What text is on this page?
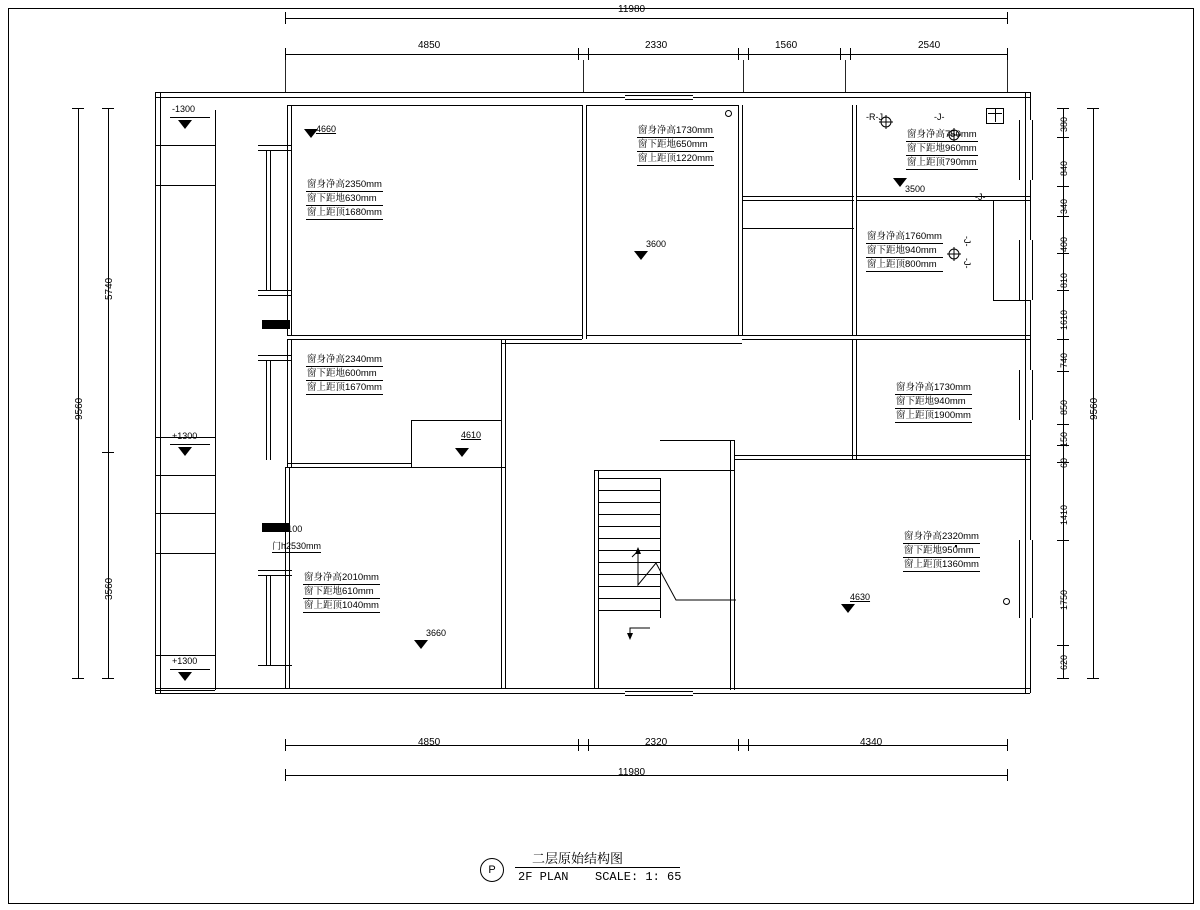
11980
4850	2330	1560	2540
4850	2320	4340
11980
9560
5740
3560
9560
380
840
340
400
810
1610
740
850
150
60
1410
1750
620
-1300
+1300
+1300
4660
3600
3500
4610
3660
4630
窗身净高2350mm
窗下距地630mm
窗上距顶1680mm
窗身净高2340mm
窗下距地600mm
窗上距顶1670mm
窗身净高2010mm
窗下距地610mm
窗上距顶1040mm
窗身净高1730mm
窗下距地650mm
窗上距顶1220mm
窗身净高750mm
窗下距地960mm
窗上距顶790mm
窗身净高1760mm
窗下距地940mm
窗上距顶800mm
窗身净高1730mm
窗下距地940mm
窗上距顶1900mm
窗身净高2320mm
窗下距地950mm
窗上距顶1360mm
+100
门h2530mm
-R-J-	-J-
-J-
-J-
-J-
P
二层原始结构图
2F PLAN SCALE: 1: 65
